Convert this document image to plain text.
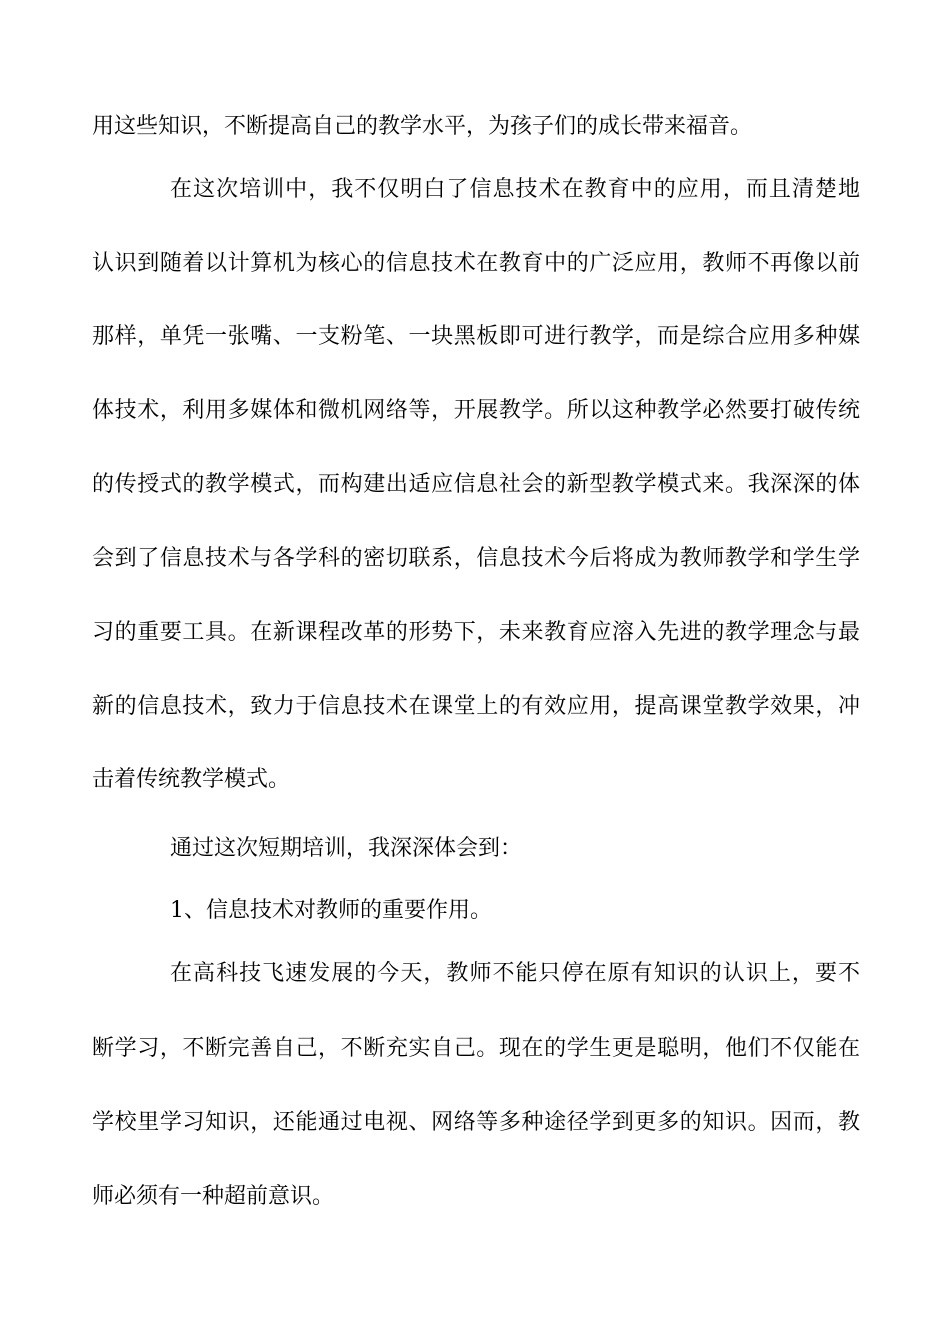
用这些知识，不断提高自己的教学水平，为孩子们的成长带来福音。
在这次培训中，我不仅明白了信息技术在教育中的应用，而且清楚地
认识到随着以计算机为核心的信息技术在教育中的广泛应用，教师不再像以前
那样，单凭一张嘴、一支粉笔、一块黑板即可进行教学，而是综合应用多种媒
体技术，利用多媒体和微机网络等，开展教学。所以这种教学必然要打破传统
的传授式的教学模式，而构建出适应信息社会的新型教学模式来。我深深的体
会到了信息技术与各学科的密切联系，信息技术今后将成为教师教学和学生学
习的重要工具。在新课程改革的形势下，未来教育应溶入先进的教学理念与最
新的信息技术，致力于信息技术在课堂上的有效应用，提高课堂教学效果，冲
击着传统教学模式。
通过这次短期培训，我深深体会到：
1、信息技术对教师的重要作用。
在高科技飞速发展的今天，教师不能只停在原有知识的认识上，要不
断学习，不断完善自己，不断充实自己。现在的学生更是聪明，他们不仅能在
学校里学习知识，还能通过电视、网络等多种途径学到更多的知识。因而，教
师必须有一种超前意识。
